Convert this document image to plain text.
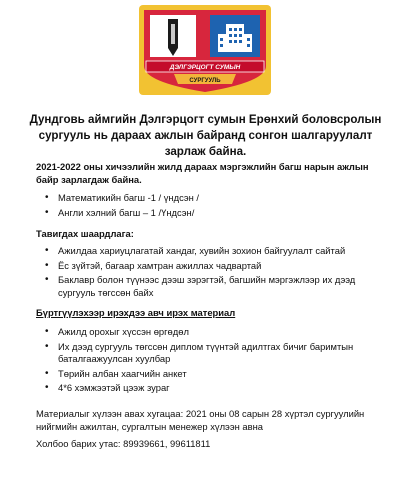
ДЭЛГЭРЦОГТ СУМЫН
СУРГУУЛЬ
Дундговь аймгийн Дэлгэрцогт сумын Ерөнхий боловсролын
сургууль нь дараах ажлын байранд сонгон шалгаруулалт
зарлаж байна.
2021-2022 оны хичээлийн жилд дараах мэргэжлийн багш нарын ажлын
байр зарлагдаж байна.
• Математикийн багш -1 / үндсэн /
• Англи хэлний багш – 1 /Үндсэн/
Тавигдах шаардлага:
• Ажилдаа хариуцлагатай хандаг, хувийн зохион байгуулалт сайтай
• Ёс зүйтэй, багаар хамтран ажиллах чадвартай
• Баклавр болон түүнээс дээш зэрэгтэй, багшийн мэргэжлээр их дээд
сургууль төгссөн байх
Бүртгүүлэхээр ирэхдээ авч ирэх материал
• Ажилд орохыг хүссэн өргөдөл
• Их дээд сургууль төгссөн диплом түүнтэй адилтгах бичиг баримтын
баталгаажуулсан хуулбар
• Төрийн албан хаагчийн анкет
• 4*6 хэмжээтэй цээж зураг

Материалыг хүлээн авах хугацаа: 2021 оны 08 сарын 28 хүртэл сургуулийн
нийгмийн ажилтан, сургалтын менежер хүлээн авна

Холбоо барих утас: 89939661, 99611811
